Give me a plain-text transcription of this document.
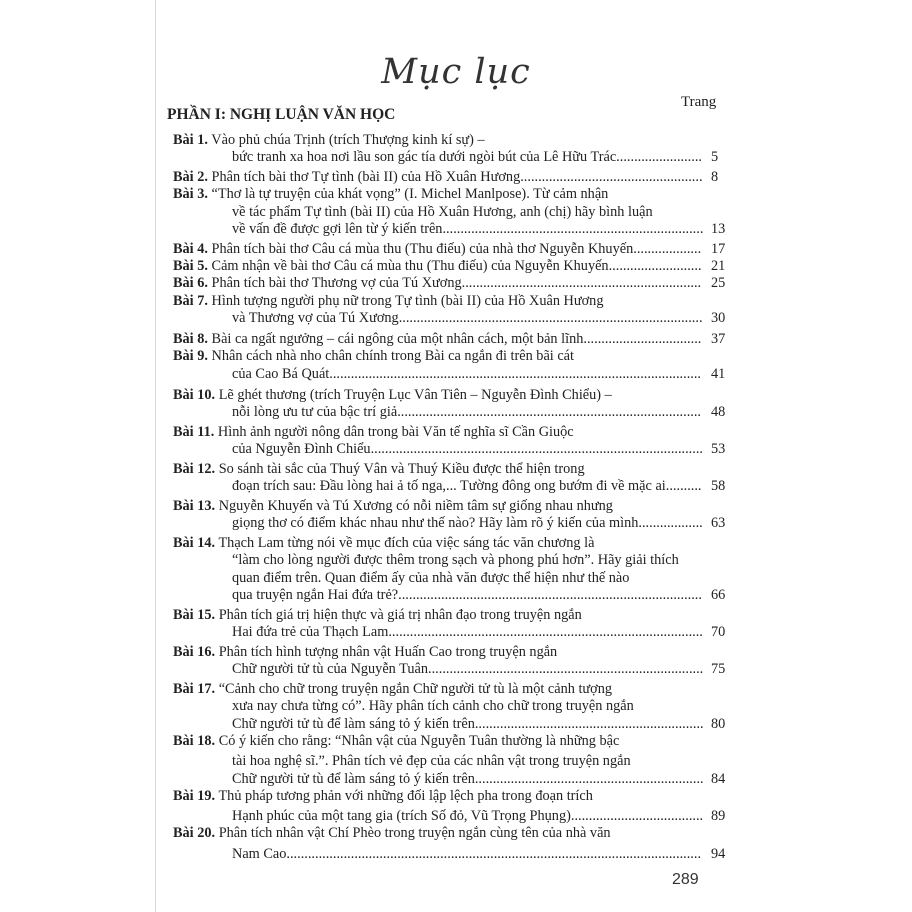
Mục lục
Trang
PHẦN I: NGHỊ LUẬN VĂN HỌC
Bài 1. Vào phủ chúa Trịnh (trích Thượng kinh kí sự) –
bức tranh xa hoa nơi lầu son gác tía dưới ngòi bút của Lê Hữu Trác........................ 5
Bài 2. Phân tích bài thơ Tự tình (bài II) của Hồ Xuân Hương................................................... 8
Bài 3. “Thơ là tự truyện của khát vọng” (I. Michel Manlpose). Từ cảm nhận
về tác phẩm Tự tình (bài II) của Hồ Xuân Hương, anh (chị) hãy bình luận
về vấn đề được gợi lên từ ý kiến trên......................................................................... 13
Bài 4. Phân tích bài thơ Câu cá mùa thu (Thu điếu) của nhà thơ Nguyễn Khuyến................... 17
Bài 5. Cảm nhận về bài thơ Câu cá mùa thu (Thu điếu) của Nguyễn Khuyến.......................... 21
Bài 6. Phân tích bài thơ Thương vợ của Tú Xương................................................................... 25
Bài 7. Hình tượng người phụ nữ trong Tự tình (bài II) của Hồ Xuân Hương
và Thương vợ của Tú Xương..................................................................................... 30
Bài 8. Bài ca ngất ngưởng – cái ngông của một nhân cách, một bản lĩnh................................. 37
Bài 9. Nhân cách nhà nho chân chính trong Bài ca ngắn đi trên bãi cát
của Cao Bá Quát........................................................................................................ 41
Bài 10. Lẽ ghét thương (trích Truyện Lục Vân Tiên – Nguyễn Đình Chiểu) –
nỗi lòng ưu tư của bậc trí giả..................................................................................... 48
Bài 11. Hình ảnh người nông dân trong bài Văn tế nghĩa sĩ Cần Giuộc
của Nguyễn Đình Chiểu............................................................................................. 53
Bài 12. So sánh tài sắc của Thuý Vân và Thuý Kiều được thể hiện trong
đoạn trích sau: Đầu lòng hai ả tố nga,... Tường đông ong bướm đi về mặc ai.......... 58
Bài 13. Nguyễn Khuyến và Tú Xương có nỗi niềm tâm sự giống nhau nhưng
giọng thơ có điểm khác nhau như thế nào? Hãy làm rõ ý kiến của mình.................. 63
Bài 14. Thạch Lam từng nói về mục đích của việc sáng tác văn chương là
“làm cho lòng người được thêm trong sạch và phong phú hơn”. Hãy giải thích
quan điểm trên. Quan điểm ấy của nhà văn được thể hiện như thế nào
qua truyện ngắn Hai đứa trẻ?..................................................................................... 66
Bài 15. Phân tích giá trị hiện thực và giá trị nhân đạo trong truyện ngắn
Hai đứa trẻ của Thạch Lam........................................................................................ 70
Bài 16. Phân tích hình tượng nhân vật Huấn Cao trong truyện ngắn
Chữ người tử tù của Nguyễn Tuân............................................................................. 75
Bài 17. “Cảnh cho chữ trong truyện ngắn Chữ người tử tù là một cảnh tượng
xưa nay chưa từng có”. Hãy phân tích cảnh cho chữ trong truyện ngắn
Chữ người tử tù để làm sáng tỏ ý kiến trên................................................................ 80
Bài 18. Có ý kiến cho rằng: “Nhân vật của Nguyễn Tuân thường là những bậc
tài hoa nghệ sĩ.”. Phân tích vẻ đẹp của các nhân vật trong truyện ngắn
Chữ người tử tù để làm sáng tỏ ý kiến trên................................................................ 84
Bài 19. Thủ pháp tương phản với những đối lập lệch pha trong đoạn trích
Hạnh phúc của một tang gia (trích Số đỏ, Vũ Trọng Phụng)..................................... 89
Bài 20. Phân tích nhân vật Chí Phèo trong truyện ngắn cùng tên của nhà văn
Nam Cao.................................................................................................................... 94
289
